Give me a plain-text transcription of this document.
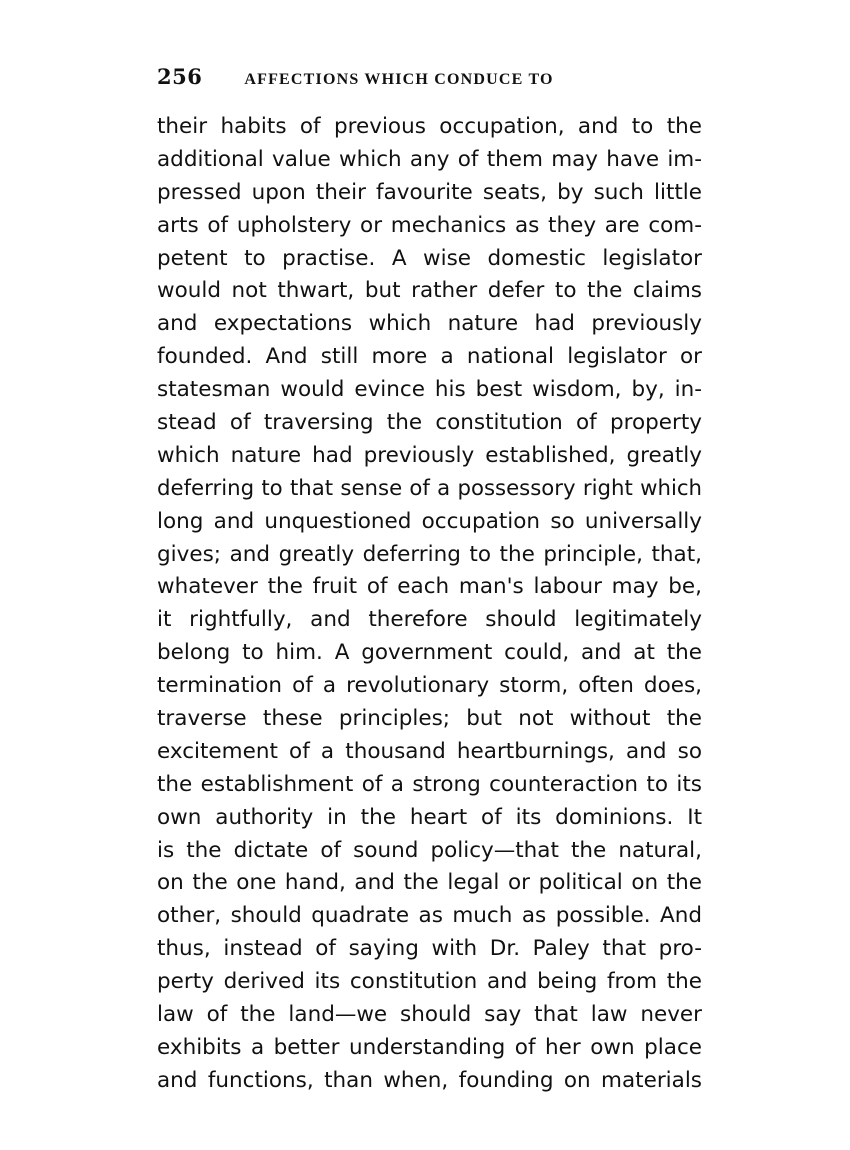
256	AFFECTIONS WHICH CONDUCE TO
their habits of previous occupation, and to the
additional value which any of them may have im-
pressed upon their favourite seats, by such little
arts of upholstery or mechanics as they are com-
petent to practise. A wise domestic legislator
would not thwart, but rather defer to the claims
and expectations which nature had previously
founded. And still more a national legislator or
statesman would evince his best wisdom, by, in-
stead of traversing the constitution of property
which nature had previously established, greatly
deferring to that sense of a possessory right which
long and unquestioned occupation so universally
gives; and greatly deferring to the principle, that,
whatever the fruit of each man's labour may be,
it rightfully, and therefore should legitimately
belong to him. A government could, and at the
termination of a revolutionary storm, often does,
traverse these principles; but not without the
excitement of a thousand heartburnings, and so
the establishment of a strong counteraction to its
own authority in the heart of its dominions. It
is the dictate of sound policy—that the natural,
on the one hand, and the legal or political on the
other, should quadrate as much as possible. And
thus, instead of saying with Dr. Paley that pro-
perty derived its constitution and being from the
law of the land—we should say that law never
exhibits a better understanding of her own place
and functions, than when, founding on materials
